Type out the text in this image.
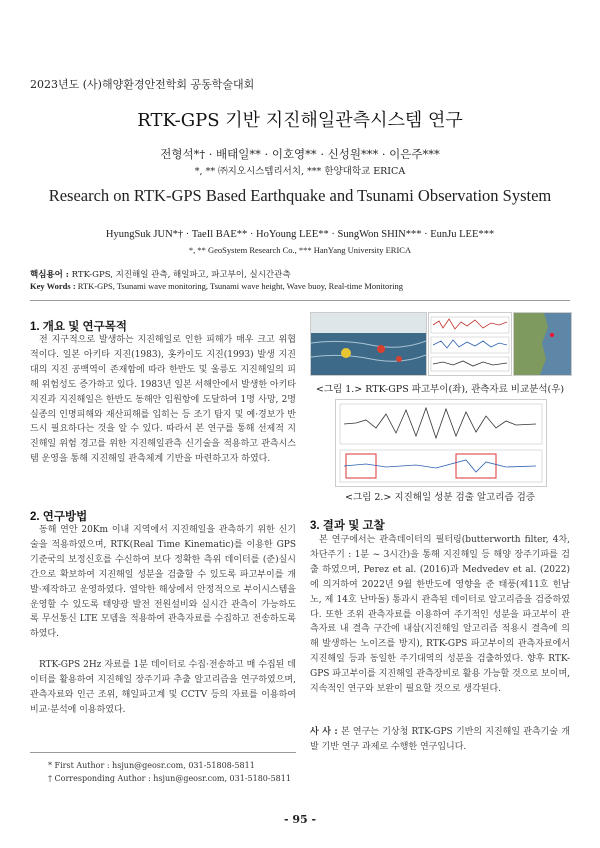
2023년도 (사)해양환경안전학회 공동학술대회
RTK-GPS 기반 지진해일관측시스템 연구
전형석*† · 배태일** · 이호영** · 신성원*** · 이은주***
*, ** ㈜지오시스템리서치, *** 한양대학교 ERICA
Research on RTK-GPS Based Earthquake and Tsunami Observation System
HyungSuk JUN*† · TaeIl BAE** · HoYoung LEE** · SungWon SHIN*** · EunJu LEE***
*, ** GeoSystem Research Co., *** HanYang University ERICA
핵심용어 : RTK-GPS, 지진해일 관측, 해일파고, 파고부이, 실시간관측
Key Words : RTK-GPS, Tsunami wave monitoring, Tsunami wave height, Wave buoy, Real-time Monitoring
1. 개요 및 연구목적
전 지구적으로 발생하는 지진해일로 인한 피해가 매우 크고 위협적이다. 일본 아키타 지진(1983), 홋카이도 지진(1993) 발생 지진대의 지진 공백역이 존재함에 따라 한반도 및 울릉도 지진해일의 피해 위험성도 증가하고 있다. 1983년 일본 서해안에서 발생한 아키타 지진과 지진해일은 한반도 동해안 임원항에 도달하여 1명 사망, 2명 실종의 인명피해와 재산피해를 입히는 등 조기 탐지 및 예·경보가 반드시 필요하다는 것을 알 수 있다. 따라서 본 연구를 통해 선제적 지진해일 위험 경고를 위한 지진해일관측 신기술을 적용하고 관측시스템 운영을 통해 지진해일 관측체계 기반을 마련하고자 하였다.
2. 연구방법
동해 연안 20Km 이내 지역에서 지진해일을 관측하기 위한 신기술을 적용하였으며, RTK(Real Time Kinematic)를 이용한 GPS 기준국의 보정신호를 수신하여 보다 정확한 측위 데이터를 (준)실시간으로 확보하여 지진해일 성분을 검출할 수 있도록 파고부이를 개발·제작하고 운영하였다. 열악한 해상에서 안정적으로 부이시스템을 운영할 수 있도록 태양광 발전 전원설비와 실시간 관측이 가능하도록 무선통신 LTE 모뎀을 적용하여 관측자료를 수집하고 전송하도록 하였다.
RTK-GPS 2Hz 자료를 1분 데이터로 수집·전송하고 매 수집된 데이터를 활용하여 지진해일 장주기파 추출 알고리즘을 연구하였으며, 관측자료와 인근 조위, 해일파고계 및 CCTV 등의 자료를 이용하여 비교·분석에 이용하였다.
* First Author : hsjun@geosr.com, 031-51808-5811
† Corresponding Author : hsjun@geosr.com, 031-5180-5811
<그림 1.> RTK-GPS 파고부이(좌), 관측자료 비교분석(우)
<그림 2.> 지진해일 성분 검출 알고리즘 검증
3. 결과 및 고찰
본 연구에서는 관측데이터의 필터링(butterworth filter, 4차, 차단주기 : 1분 ~ 3시간)을 통해 지진해일 등 해양 장주기파를 검출 하였으며, Perez et al. (2016)과 Medvedev et al. (2022)에 의거하여 2022년 9월 한반도에 영향을 준 태풍(제11호 힌남노, 제 14호 난마돌) 통과시 관측된 데이터로 알고리즘을 검증하였다. 또한 조위 관측자료를 이용하여 주기적인 성분을 파고부이 관측자료 내 결측 구간에 내삽(지진해일 알고리즘 적용시 결측에 의해 발생하는 노이즈를 방지), RTK-GPS 파고부이의 관측자료에서 지진해일 등과 동일한 주기대역의 성분을 검출하였다. 향후 RTK-GPS 파고부이를 지진해일 관측장비로 활용 가능할 것으로 보이며, 지속적인 연구와 보완이 필요할 것으로 생각된다.
사 사 : 본 연구는 기상청 RTK-GPS 기반의 지진해일 관측기술 개발 기반 연구 과제로 수행한 연구입니다.
- 95 -
